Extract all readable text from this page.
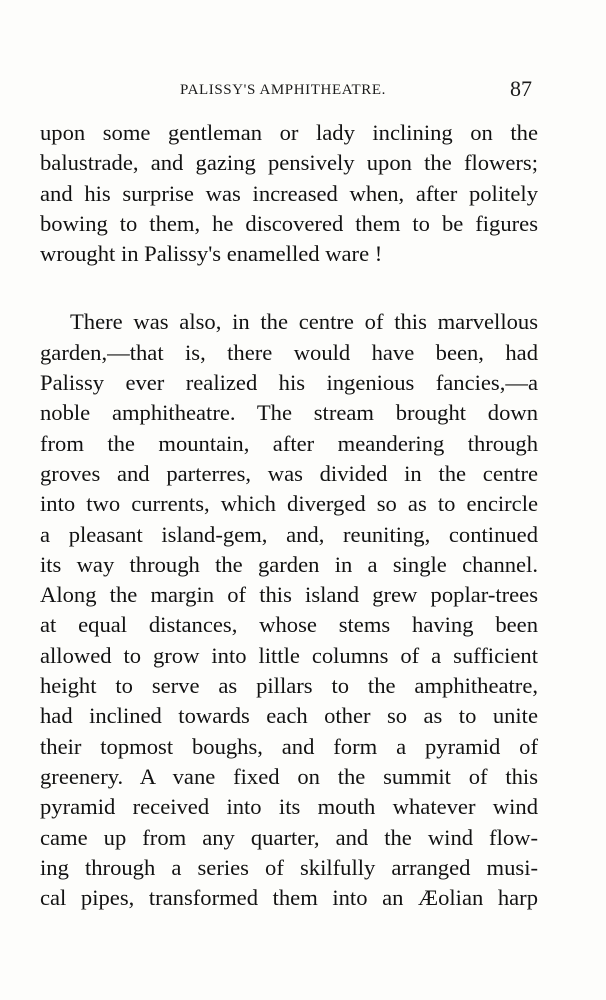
PALISSY'S AMPHITHEATRE.	87
upon some gentleman or lady inclining on the
balustrade, and gazing pensively upon the flowers;
and his surprise was increased when, after politely
bowing to them, he discovered them to be figures
wrought in Palissy's enamelled ware !
There was also, in the centre of this marvellous
garden,—that is, there would have been, had
Palissy ever realized his ingenious fancies,—a
noble amphitheatre. The stream brought down
from the mountain, after meandering through
groves and parterres, was divided in the centre
into two currents, which diverged so as to encircle
a pleasant island-gem, and, reuniting, continued
its way through the garden in a single channel.
Along the margin of this island grew poplar-trees
at equal distances, whose stems having been
allowed to grow into little columns of a sufficient
height to serve as pillars to the amphitheatre,
had inclined towards each other so as to unite
their topmost boughs, and form a pyramid of
greenery. A vane fixed on the summit of this
pyramid received into its mouth whatever wind
came up from any quarter, and the wind flow-
ing through a series of skilfully arranged musi-
cal pipes, transformed them into an Æolian harp
